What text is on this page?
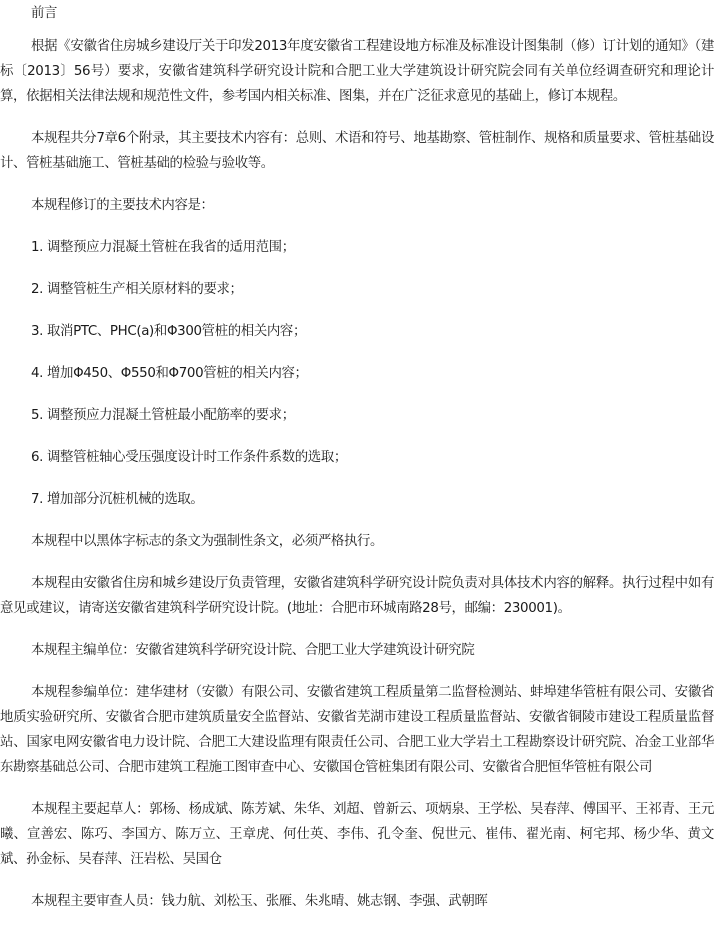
前言

根据《安徽省住房城乡建设厅关于印发2013年度安徽省工程建设地方标准及标准设计图集制（修）订计划的通知》（建标〔2013〕56号）要求，安徽省建筑科学研究设计院和合肥工业大学建筑设计研究院会同有关单位经调查研究和理论计算，依据相关法律法规和规范性文件，参考国内相关标准、图集，并在广泛征求意见的基础上，修订本规程。

本规程共分7章6个附录，其主要技术内容有：总则、术语和符号、地基勘察、管桩制作、规格和质量要求、管桩基础设计、管桩基础施工、管桩基础的检验与验收等。

本规程修订的主要技术内容是：

1. 调整预应力混凝土管桩在我省的适用范围；

2. 调整管桩生产相关原材料的要求；

3. 取消PTC、PHC(a)和Φ300管桩的相关内容；

4. 增加Φ450、Φ550和Φ700管桩的相关内容；

5. 调整预应力混凝土管桩最小配筋率的要求；

6. 调整管桩轴心受压强度设计时工作条件系数的选取；

7. 增加部分沉桩机械的选取。

本规程中以黑体字标志的条文为强制性条文，必须严格执行。

本规程由安徽省住房和城乡建设厅负责管理，安徽省建筑科学研究设计院负责对具体技术内容的解释。执行过程中如有意见或建议，请寄送安徽省建筑科学研究设计院。(地址：合肥市环城南路28号，邮编：230001)。

本规程主编单位：安徽省建筑科学研究设计院、合肥工业大学建筑设计研究院

本规程参编单位：建华建材（安徽）有限公司、安徽省建筑工程质量第二监督检测站、蚌埠建华管桩有限公司、安徽省地质实验研究所、安徽省合肥市建筑质量安全监督站、安徽省芜湖市建设工程质量监督站、安徽省铜陵市建设工程质量监督站、国家电网安徽省电力设计院、合肥工大建设监理有限责任公司、合肥工业大学岩土工程勘察设计研究院、冶金工业部华东勘察基础总公司、合肥市建筑工程施工图审查中心、安徽国仓管桩集团有限公司、安徽省合肥恒华管桩有限公司

本规程主要起草人：郭杨、杨成斌、陈芳斌、朱华、刘超、曾新云、项炳泉、王学松、吴春萍、傅国平、王祁青、王元曦、宣善宏、陈巧、李国方、陈万立、王章虎、何仕英、李伟、孔令奎、倪世元、崔伟、翟光南、柯宅邦、杨少华、黄文斌、孙金标、吴春萍、汪岩松、吴国仓

本规程主要审查人员：钱力航、刘松玉、张雁、朱兆晴、姚志钢、李强、武朝晖
